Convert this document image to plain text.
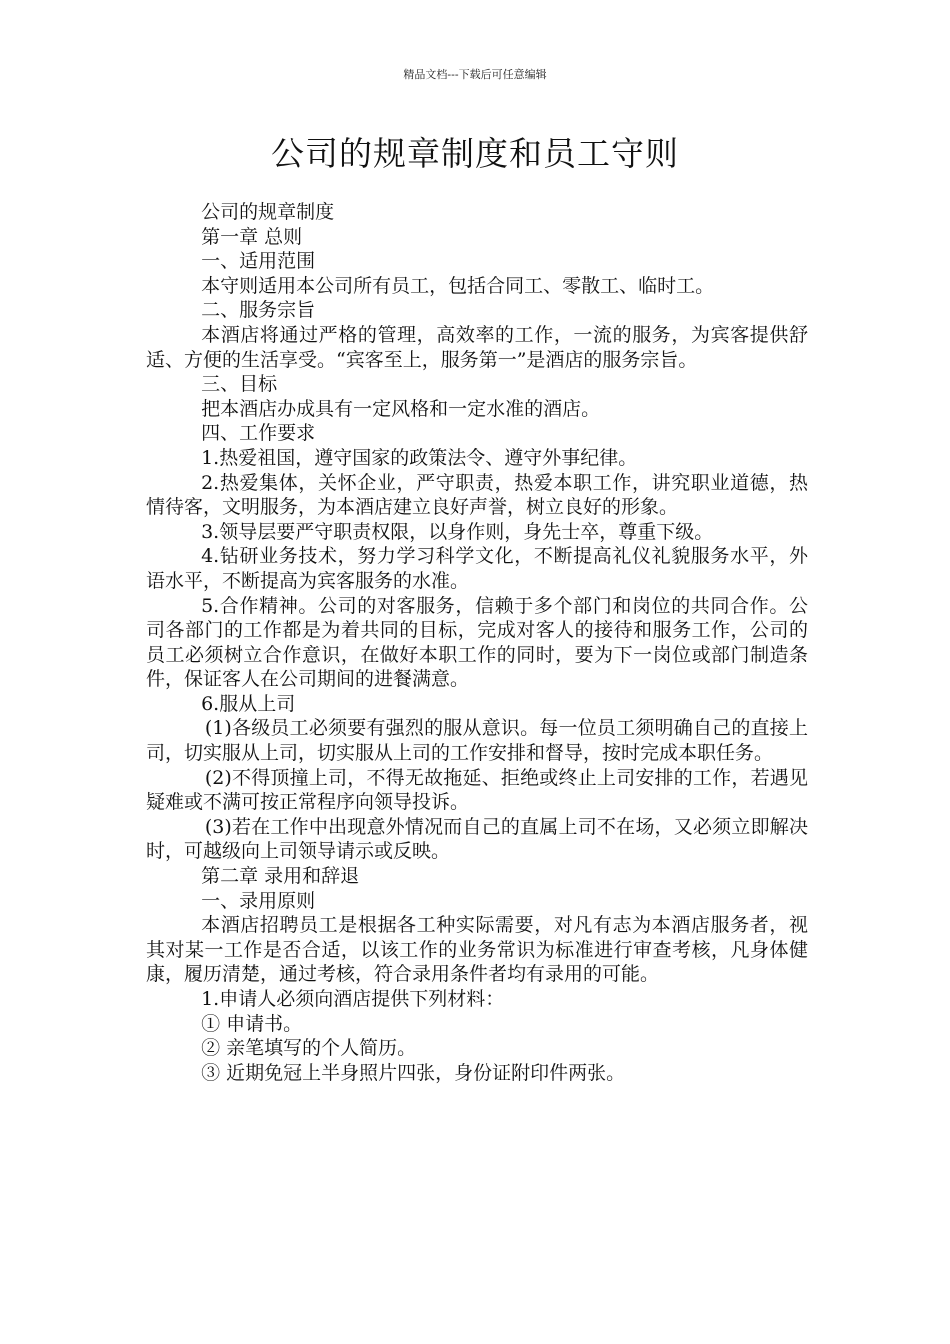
精品文档---下载后可任意编辑
公司的规章制度和员工守则

公司的规章制度

第一章 总则

一、适用范围

本守则适用本公司所有员工，包括合同工、零散工、临时工。

二、服务宗旨

本酒店将通过严格的管理，高效率的工作，一流的服务，为宾客提供舒适、方便的生活享受。“宾客至上，服务第一”是酒店的服务宗旨。

三、目标

把本酒店办成具有一定风格和一定水准的酒店。

四、工作要求

1.热爱祖国，遵守国家的政策法令、遵守外事纪律。

2.热爱集体，关怀企业，严守职责，热爱本职工作，讲究职业道德，热情待客，文明服务，为本酒店建立良好声誉，树立良好的形象。

3.领导层要严守职责权限，以身作则，身先士卒，尊重下级。

4.钻研业务技术，努力学习科学文化，不断提高礼仪礼貌服务水平，外语水平，不断提高为宾客服务的水准。

5.合作精神。公司的对客服务，信赖于多个部门和岗位的共同合作。公司各部门的工作都是为着共同的目标，完成对客人的接待和服务工作，公司的员工必须树立合作意识，在做好本职工作的同时，要为下一岗位或部门制造条件，保证客人在公司期间的进餐满意。

6.服从上司

(1)各级员工必须要有强烈的服从意识。每一位员工须明确自己的直接上司，切实服从上司，切实服从上司的工作安排和督导，按时完成本职任务。

(2)不得顶撞上司，不得无故拖延、拒绝或终止上司安排的工作，若遇见疑难或不满可按正常程序向领导投诉。

(3)若在工作中出现意外情况而自己的直属上司不在场，又必须立即解决时，可越级向上司领导请示或反映。

第二章 录用和辞退

一、录用原则

本酒店招聘员工是根据各工种实际需要，对凡有志为本酒店服务者，视其对某一工作是否合适，以该工作的业务常识为标准进行审查考核，凡身体健康，履历清楚，通过考核，符合录用条件者均有录用的可能。

1.申请人必须向酒店提供下列材料：

① 申请书。

② 亲笔填写的个人简历。

③ 近期免冠上半身照片四张，身份证附印件两张。
